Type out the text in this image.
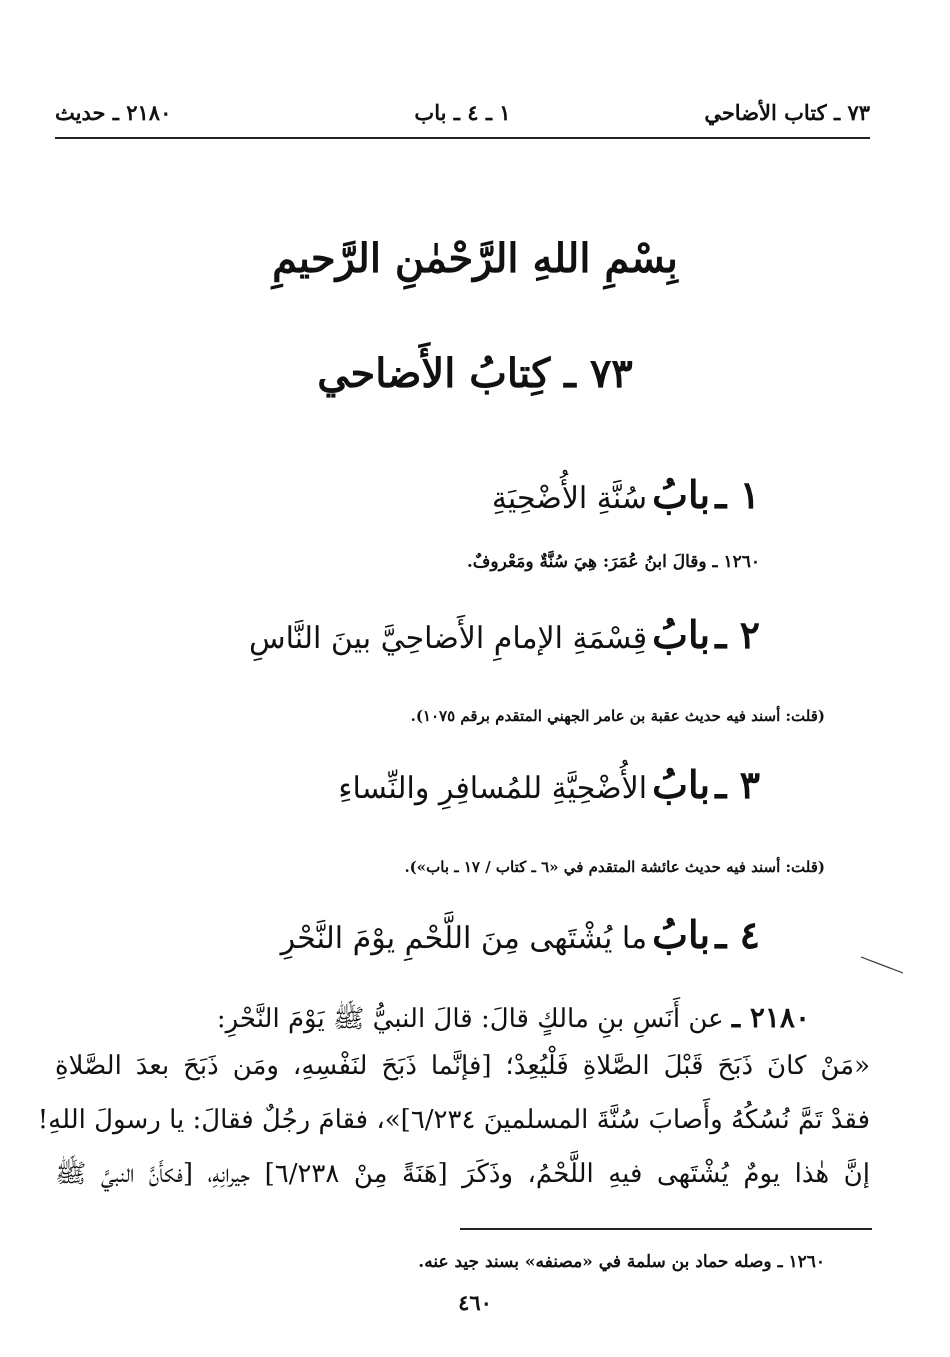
٧٣ ـ كتاب الأضاحي
١ ـ ٤ ـ باب
٢١٨٠ ـ حديث
بِسْمِ اللهِ الرَّحْمٰنِ الرَّحيمِ
٧٣ ـ كِتابُ الأَضاحي
١ ـ بابُ سُنَّةِ الأُضْحِيَةِ
١٢٦٠ ـ وقالَ ابنُ عُمَرَ: هِيَ سُنَّةٌ ومَعْروفٌ.
٢ ـ بابُ قِسْمَةِ الإمامِ الأَضاحِيَّ بينَ النَّاسِ
(قلت: أسند فيه حديث عقبة بن عامر الجهني المتقدم برقم ١٠٧٥).
٣ ـ بابُ الأُضْحِيَّةِ للمُسافِرِ والنِّساءِ
(قلت: أسند فيه حديث عائشة المتقدم في «٦ ـ كتاب / ١٧ ـ باب»).
٤ ـ بابُ ما يُشْتَهى مِنَ اللَّحْمِ يوْمَ النَّحْرِ
٢١٨٠ ـ عن أَنَسِ بنِ مالكٍ قالَ: قالَ النبيُّ ﷺ يَوْمَ النَّحْرِ:
«مَنْ كانَ ذَبَحَ قَبْلَ الصَّلاةِ فَلْيُعِدْ؛ [فإنَّما ذَبَحَ لنَفْسِهِ، ومَن ذَبَحَ بعدَ الصَّلاةِ
فقدْ تَمَّ نُسُكُهُ وأَصابَ سُنَّةَ المسلمينَ ٦/٢٣٤]»، فقامَ رجُلٌ فقالَ: يا رسولَ اللهِ!
إنَّ هٰذا يومٌ يُشْتَهى فيهِ اللَّحْمُ، وذَكَرَ [هَنَةً مِنْ ٦/٢٣٨] جيرانِهِ، [فكأَنَّ النبيَّ ﷺ
١٢٦٠ ـ وصله حماد بن سلمة في «مصنفه» بسند جيد عنه.
٤٦٠
